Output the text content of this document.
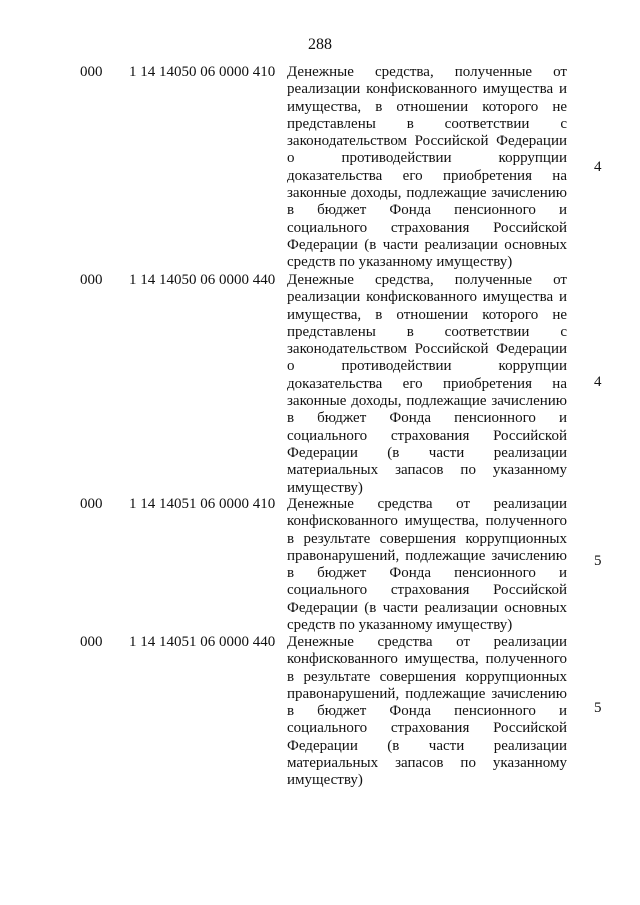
288
000 1 14 14050 06 0000 410 Денежные средства, полученные от
реализации конфискованного имущества и
имущества, в отношении которого не
представлены в соответствии с
законодательством Российской Федерации
о противодействии коррупции
доказательства его приобретения на
законные доходы, подлежащие зачислению
в бюджет Фонда пенсионного и
социального страхования Российской
Федерации (в части реализации основных
средств по указанному имуществу)
4
000 1 14 14050 06 0000 440 Денежные средства, полученные от
реализации конфискованного имущества и
имущества, в отношении которого не
представлены в соответствии с
законодательством Российской Федерации
о противодействии коррупции
доказательства его приобретения на
законные доходы, подлежащие зачислению
в бюджет Фонда пенсионного и
социального страхования Российской
Федерации (в части реализации
материальных запасов по указанному
имуществу)
4
000 1 14 14051 06 0000 410 Денежные средства от реализации
конфискованного имущества, полученного
в результате совершения коррупционных
правонарушений, подлежащие зачислению
в бюджет Фонда пенсионного и
социального страхования Российской
Федерации (в части реализации основных
средств по указанному имуществу)
5
000 1 14 14051 06 0000 440 Денежные средства от реализации
конфискованного имущества, полученного
в результате совершения коррупционных
правонарушений, подлежащие зачислению
в бюджет Фонда пенсионного и
социального страхования Российской
Федерации (в части реализации
материальных запасов по указанному
имуществу)
5
